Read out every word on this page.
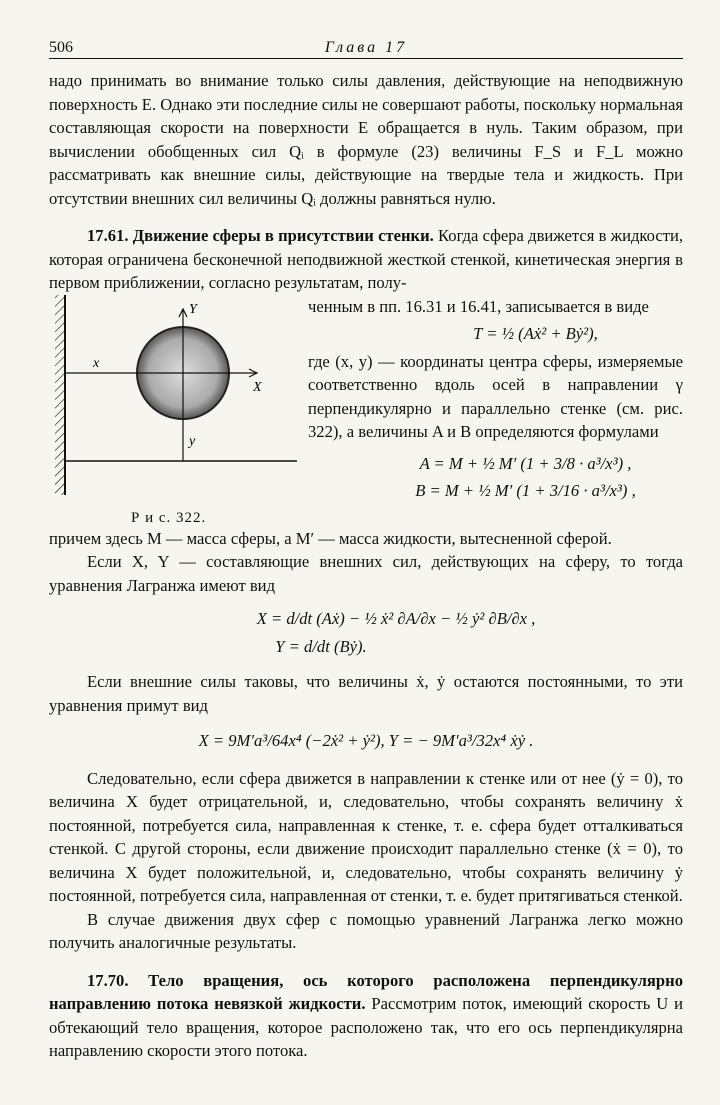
506	Глава 17

надо принимать во внимание только силы давления, действующие на неподвижную поверхность E. Однако эти последние силы не совершают работы, поскольку нормальная составляющая скорости на поверхности E обращается в нуль. Таким образом, при вычислении обобщенных сил Qᵢ в формуле (23) величины F_S и F_L можно рассматривать как внешние силы, действующие на твердые тела и жидкость. При отсутствии внешних сил величины Qᵢ должны равняться нулю.

17.61. Движение сферы в присутствии стенки. Когда сфера движется в жидкости, которая ограничена бесконечной неподвижной жесткой стенкой, кинетическая энергия в первом приближении, согласно результатам, полу-

Y
X
x
y
Р и с. 322.

ченным в пп. 16.31 и 16.41, записывается в виде

T = ½ (Aẋ² + Bẏ²),

где (x, y) — координаты центра сферы, измеряемые соответственно вдоль осей в направлении γ перпендикулярно и параллельно стенке (см. рис. 322), а величины A и B определяются формулами

A = M + ½ M′ (1 + 3/8 · a³/x³) ,
B = M + ½ M′ (1 + 3/16 · a³/x³) ,

причем здесь M — масса сферы, а M′ — масса жидкости, вытесненной сферой.

Если X, Y — составляющие внешних сил, действующих на сферу, то тогда уравнения Лагранжа имеют вид

X = d/dt (Aẋ) − ½ ẋ² ∂A/∂x − ½ ẏ² ∂B/∂x ,
Y = d/dt (Bẏ).

Если внешние силы таковы, что величины ẋ, ẏ остаются постоянными, то эти уравнения примут вид

X = 9M′a³/64x⁴ (−2ẋ² + ẏ²), Y = − 9M′a³/32x⁴ ẋẏ .

Следовательно, если сфера движется в направлении к стенке или от нее (ẏ = 0), то величина X будет отрицательной, и, следовательно, чтобы сохранять величину ẋ постоянной, потребуется сила, направленная к стенке, т. е. сфера будет отталкиваться стенкой. С другой стороны, если движение происходит параллельно стенке (ẋ = 0), то величина X будет положительной, и, следовательно, чтобы сохранять величину ẏ постоянной, потребуется сила, направленная от стенки, т. е. будет притягиваться стенкой.

В случае движения двух сфер с помощью уравнений Лагранжа легко можно получить аналогичные результаты.

17.70. Тело вращения, ось которого расположена перпендикулярно направлению потока невязкой жидкости. Рассмотрим поток, имеющий скорость U и обтекающий тело вращения, которое расположено так, что его ось перпендикулярна направлению скорости этого потока.
